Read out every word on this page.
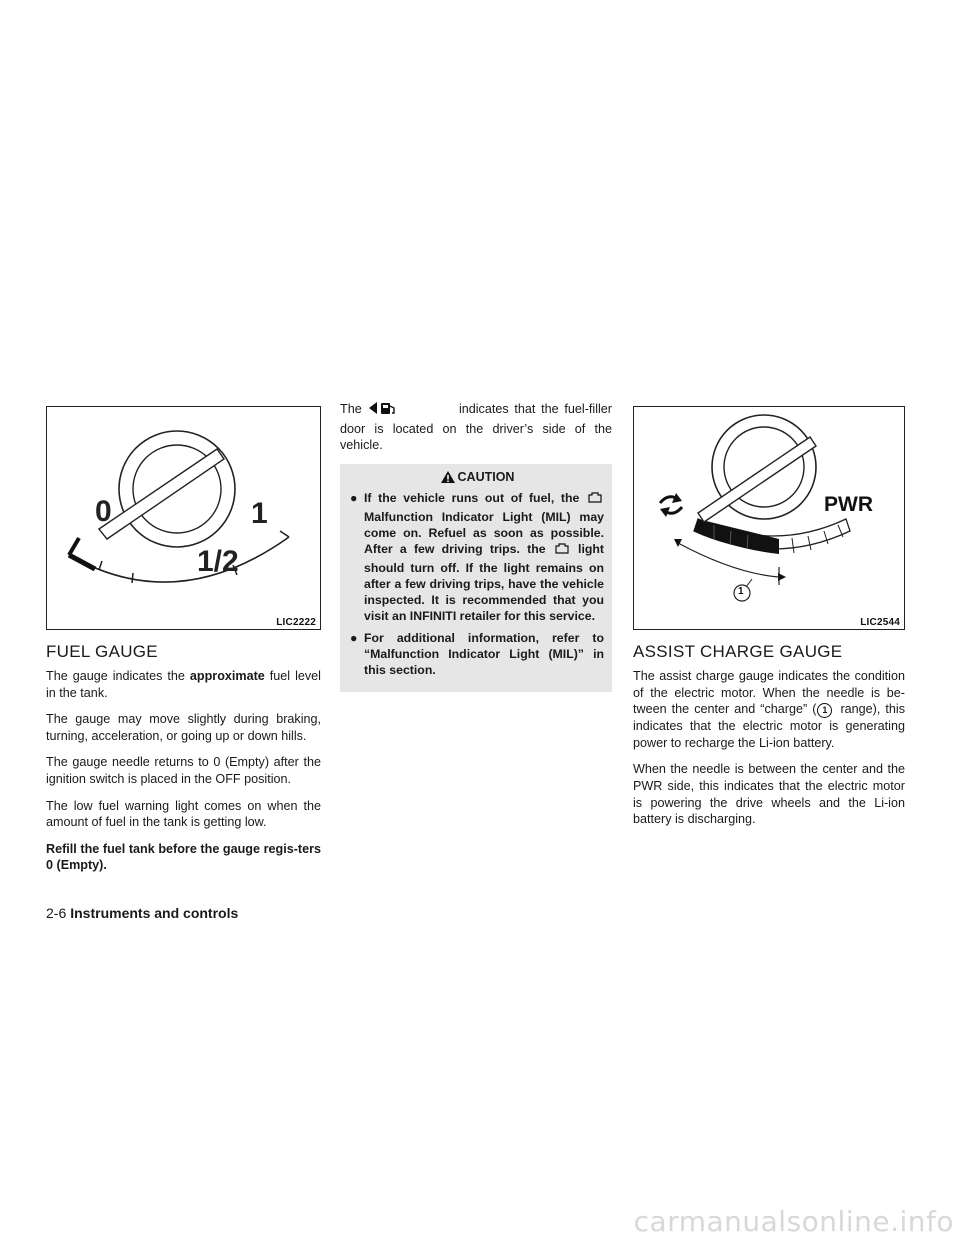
0
1/2
1
LIC2222
FUEL GAUGE

The gauge indicates the approximate fuel level in the tank.

The gauge may move slightly during braking, turning, acceleration, or going up or down hills.

The gauge needle returns to 0 (Empty) after the ignition switch is placed in the OFF position.

The low fuel warning light comes on when the amount of fuel in the tank is getting low.

Refill the fuel tank before the gauge regis-ters 0 (Empty).

The	indicates that the fuel-filler door is located on the driver’s side of the vehicle.

CAUTION
● If the vehicle runs out of fuel, the  Malfunction Indicator Light (MIL) may come on. Refuel as soon as possible. After a few driving trips. the	light should turn off. If the light remains on after a few driving trips, have the vehicle inspected. It is recommended that you visit an INFINITI retailer for this service.
● For additional information, refer to “Malfunction Indicator Light (MIL)” in this section.
PWR
1
LIC2544
ASSIST CHARGE GAUGE

The assist charge gauge indicates the condition of the electric motor. When the needle is be-tween the center and “charge” ( 1 range), this indicates that the electric motor is generating power to recharge the Li-ion battery.

When the needle is between the center and the PWR side, this indicates that the electric motor is powering the drive wheels and the Li-ion battery is discharging.

2-6 Instruments and controls
carmanualsonline.info
